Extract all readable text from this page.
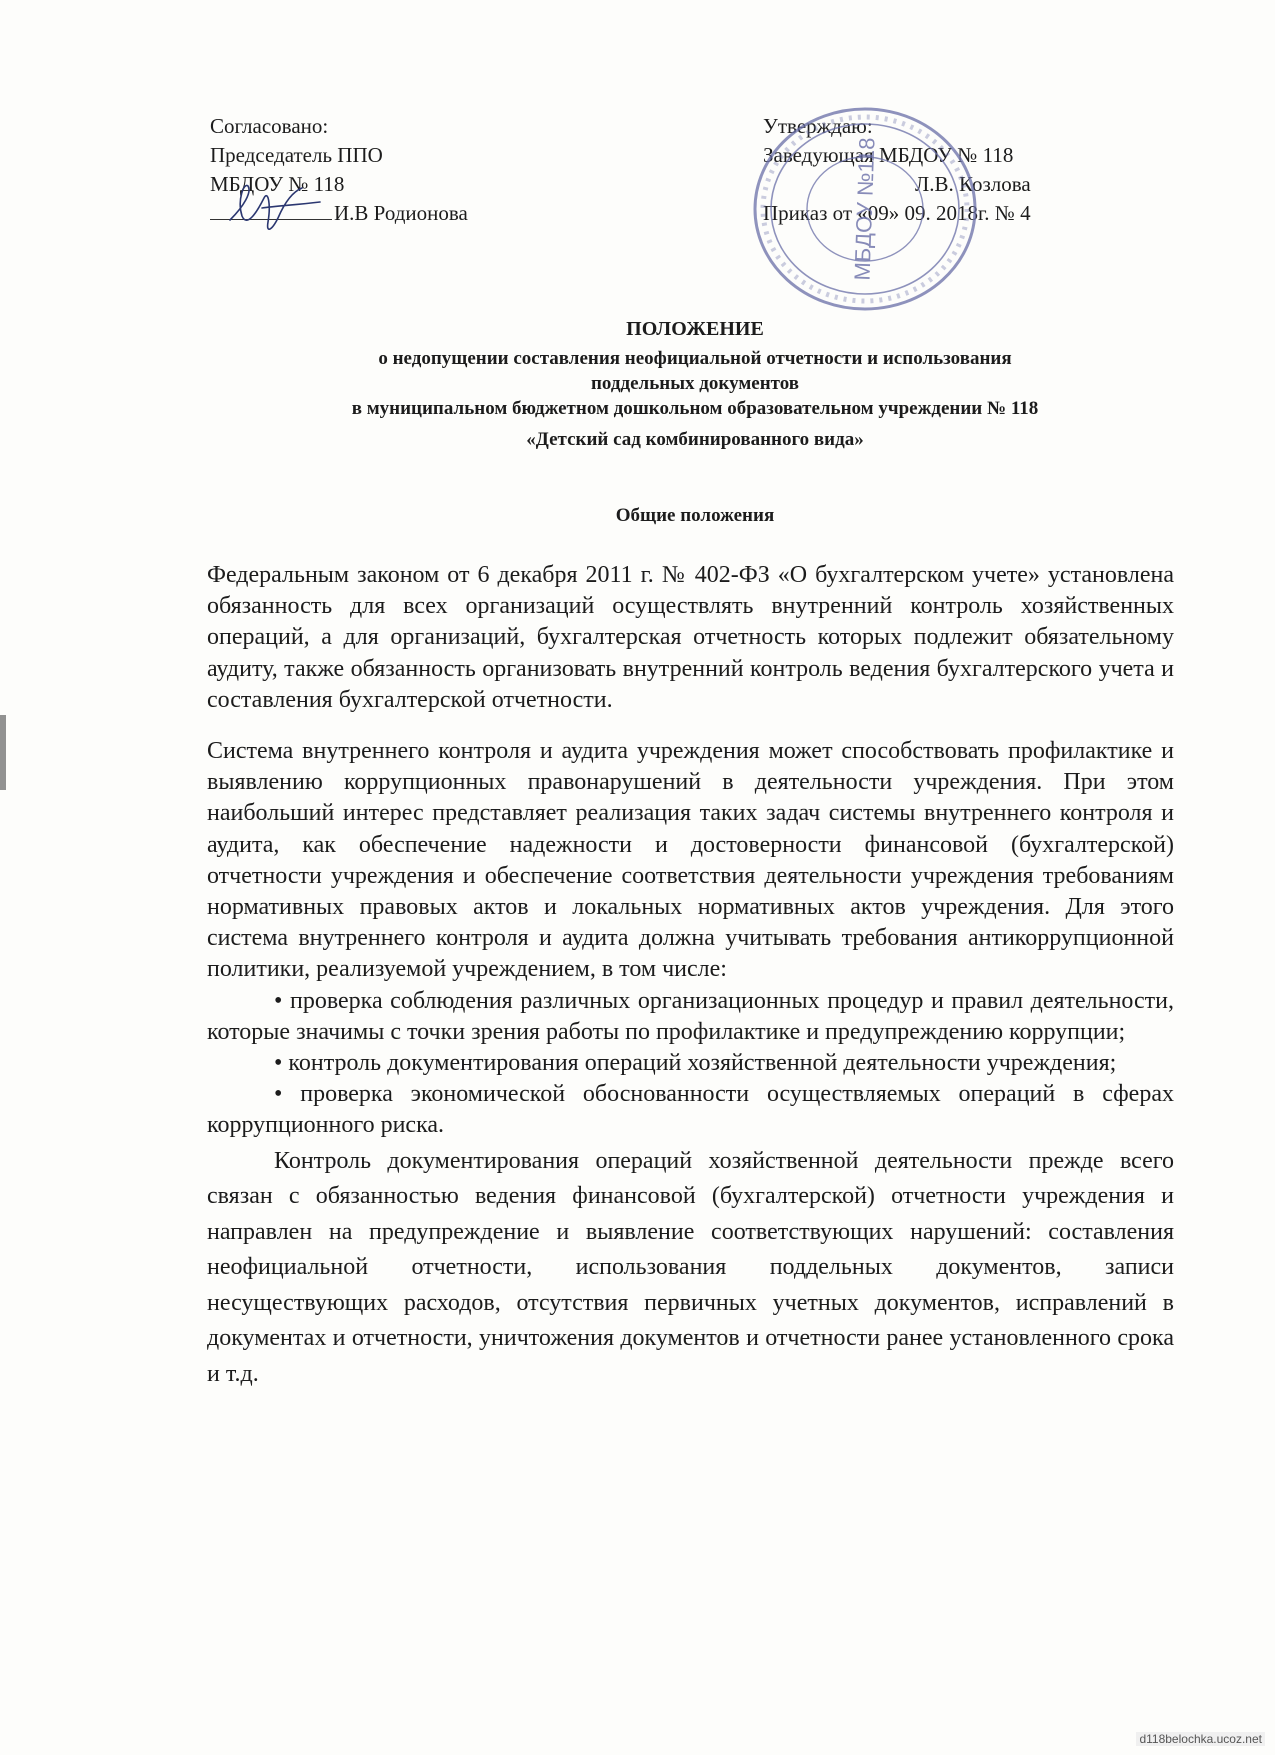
Согласовано:
Председатель ППО
МБДОУ № 118
И.В Родионова
Утверждаю:
Заведующая МБДОУ № 118
Л.В. Козлова
Приказ от «09» 09. 2018г. № 4
МБДОУ №118
ПОЛОЖЕНИЕ
о недопущении составления неофициальной отчетности и использования
поддельных документов
в муниципальном бюджетном дошкольном образовательном учреждении № 118
«Детский сад комбинированного вида»
Общие положения

Федеральным законом от 6 декабря 2011 г. № 402-ФЗ «О бухгалтерском учете» установлена обязанность для всех организаций осуществлять внутренний контроль хозяйственных операций, а для организаций, бухгалтерская отчетность которых подлежит обязательному аудиту, также обязанность организовать внутренний контроль ведения бухгалтерского учета и составления бухгалтерской отчетности.

Система внутреннего контроля и аудита учреждения может способствовать профилактике и выявлению коррупционных правонарушений в деятельности учреждения. При этом наибольший интерес представляет реализация таких задач системы внутреннего контроля и аудита, как обеспечение надежности и достоверности финансовой (бухгалтерской) отчетности учреждения и обеспечение соответствия деятельности учреждения требованиям нормативных правовых актов и локальных нормативных актов учреждения. Для этого система внутреннего контроля и аудита должна учитывать требования антикоррупционной политики, реализуемой учреждением, в том числе:

• проверка соблюдения различных организационных процедур и правил деятельности, которые значимы с точки зрения работы по профилактике и предупреждению коррупции;

• контроль документирования операций хозяйственной деятельности учреждения;

• проверка экономической обоснованности осуществляемых операций в сферах коррупционного риска.

Контроль документирования операций хозяйственной деятельности прежде всего связан с обязанностью ведения финансовой (бухгалтерской) отчетности учреждения и направлен на предупреждение и выявление соответствующих нарушений: составления неофициальной отчетности, использования поддельных документов, записи несуществующих расходов, отсутствия первичных учетных документов, исправлений в документах и отчетности, уничтожения документов и отчетности ранее установленного срока и т.д.

d118belochka.ucoz.net
